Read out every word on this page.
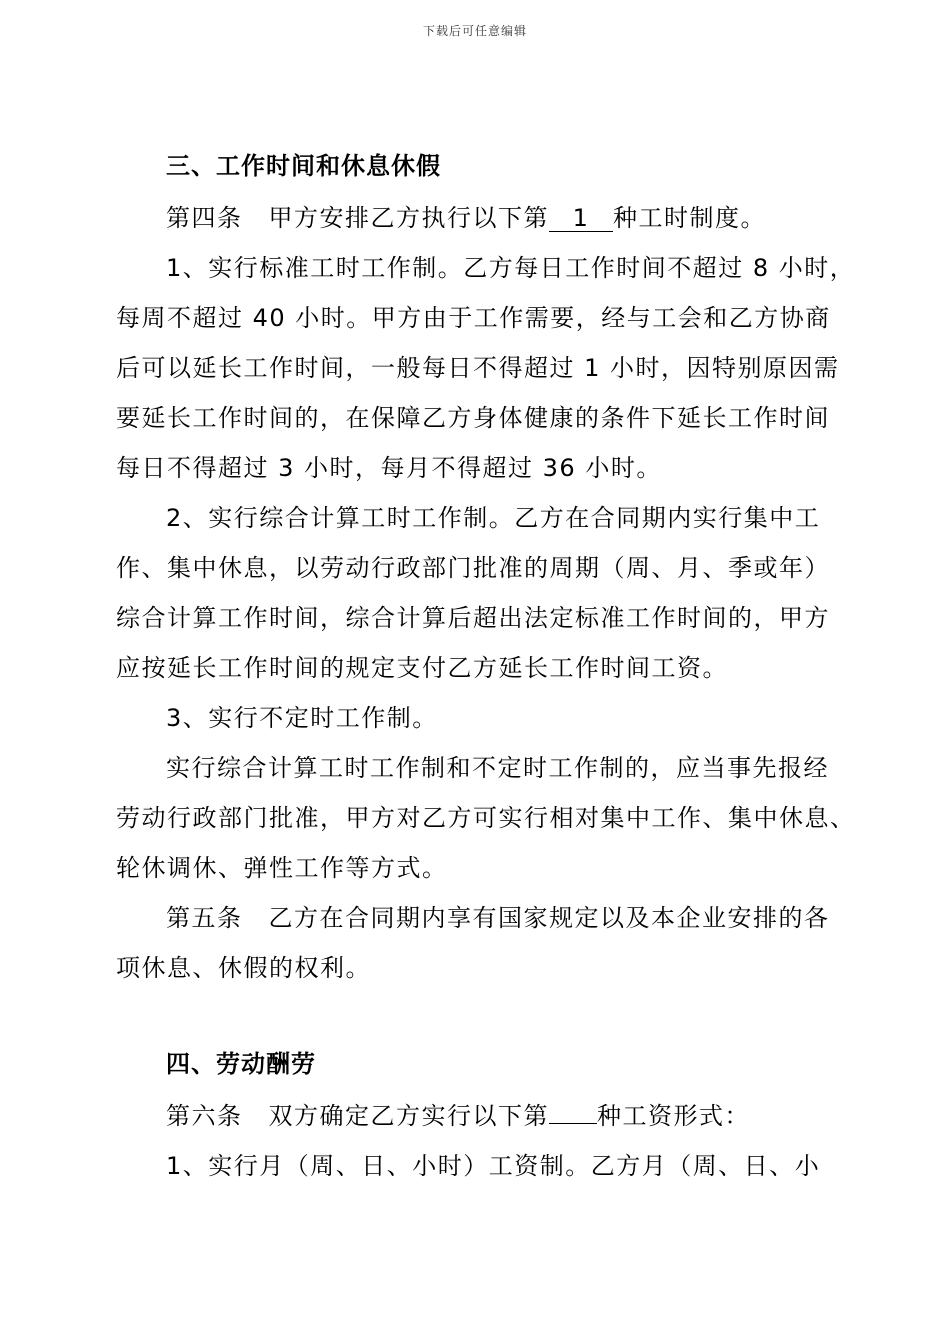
下载后可任意编辑
三、工作时间和休息休假
第四条 甲方安排乙方执行以下第 1 种工时制度。
1、实行标准工时工作制。乙方每日工作时间不超过 8 小时，
每周不超过 40 小时。甲方由于工作需要，经与工会和乙方协商
后可以延长工作时间，一般每日不得超过 1 小时，因特别原因需
要延长工作时间的，在保障乙方身体健康的条件下延长工作时间
每日不得超过 3 小时，每月不得超过 36 小时。
2、实行综合计算工时工作制。乙方在合同期内实行集中工
作、集中休息，以劳动行政部门批准的周期（周、月、季或年）
综合计算工作时间，综合计算后超出法定标准工作时间的，甲方
应按延长工作时间的规定支付乙方延长工作时间工资。
3、实行不定时工作制。
实行综合计算工时工作制和不定时工作制的，应当事先报经
劳动行政部门批准，甲方对乙方可实行相对集中工作、集中休息、
轮休调休、弹性工作等方式。
第五条 乙方在合同期内享有国家规定以及本企业安排的各
项休息、休假的权利。
四、劳动酬劳
第六条 双方确定乙方实行以下第 种工资形式：
1、实行月（周、日、小时）工资制。乙方月（周、日、小
